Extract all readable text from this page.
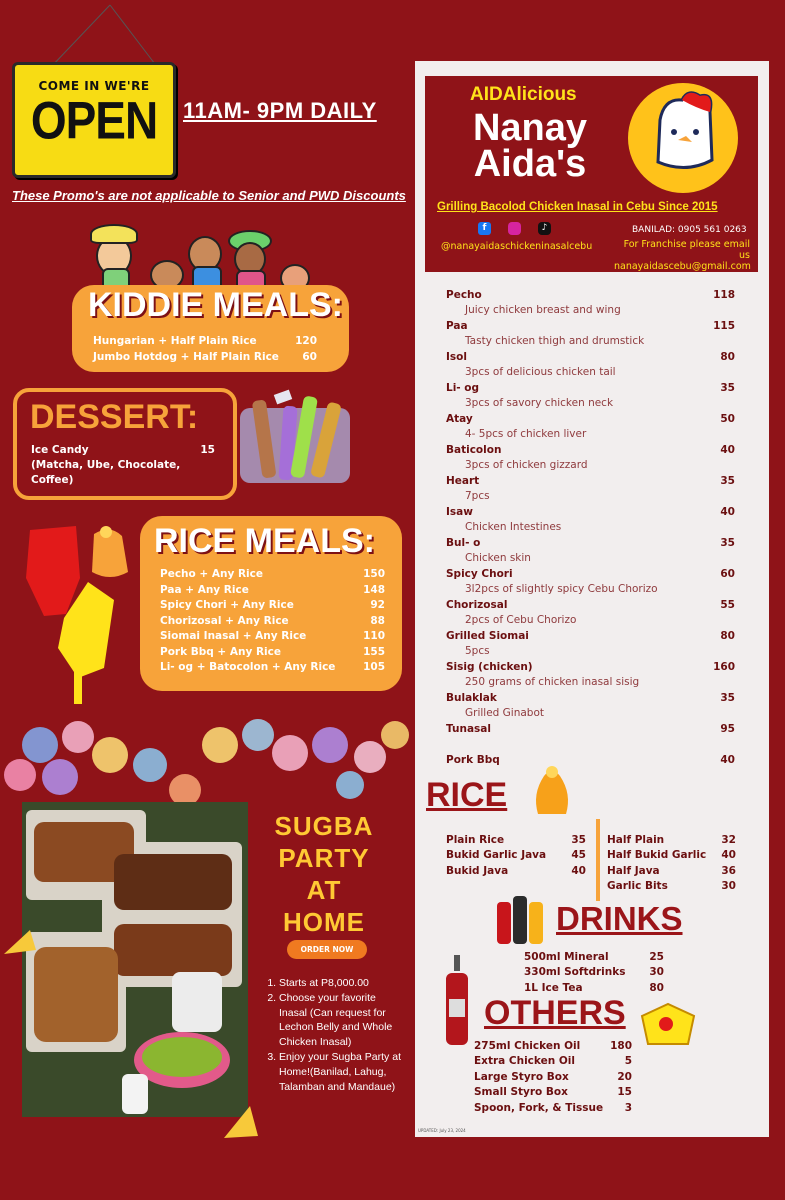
COME IN WE'RE
OPEN	11AM- 9PM DAILY
These Promo's are not applicable to Senior and PWD Discounts
KIDDIE MEALS:
Hungarian + Half Plain Rice	120
Jumbo Hotdog + Half Plain Rice 60
DESSERT:
Ice Candy	15
(Matcha, Ube, Chocolate, Coffee)
RICE MEALS:
Pecho + Any Rice	150
Paa + Any Rice	148
Spicy Chori + Any Rice	92
Chorizosal + Any Rice	88
Siomai Inasal + Any Rice	110
Pork Bbq + Any Rice	155
Li- og + Batocolon + Any Rice	105
SUGBA
PARTY
AT
HOME
ORDER NOW
1. Starts at P8,000.00
2. Choose your favorite Inasal (Can request for Lechon Belly and Whole Chicken Inasal)
3. Enjoy your Sugba Party at Home!(Banilad, Lahug, Talamban and Mandaue)
AIDAlicious
Nanay
Aida's
Grilling Bacolod Chicken Inasal in Cebu Since 2015
f	♪
@nanayaidaschickeninasalcebu
BANILAD: 0905 561 0263
For Franchise please email us
nanayaidascebu@gmail.com
Pecho	118
Juicy chicken breast and wing
Paa	115
Tasty chicken thigh and drumstick
Isol	80
3pcs of delicious chicken tail
Li- og	35
3pcs of savory chicken neck
Atay	50
4- 5pcs of chicken liver
Baticolon	40
3pcs of chicken gizzard
Heart	35
7pcs
Isaw	40
Chicken Intestines
Bul- o	35
Chicken skin
Spicy Chori	60
3l2pcs of slightly spicy Cebu Chorizo
Chorizosal	55
2pcs of Cebu Chorizo
Grilled Siomai	80
5pcs
Sisig (chicken)	160
250 grams of chicken inasal sisig
Bulaklak	35
Grilled Ginabot
Tunasal	95
Pork Bbq	40
RICE
Plain Rice	35
Bukid Garlic Java 45
Bukid Java	40
Half Plain	32
Half Bukid Garlic 40
Half Java	36
Garlic Bits	30
DRINKS
500ml Mineral	25
330ml Softdrinks 30
1L Ice Tea	80
OTHERS
275ml Chicken Oil	180
Extra Chicken Oil	5
Large Styro Box	20
Small Styro Box	15
Spoon, Fork, & Tissue 3
UPDATED: July 23, 2024
